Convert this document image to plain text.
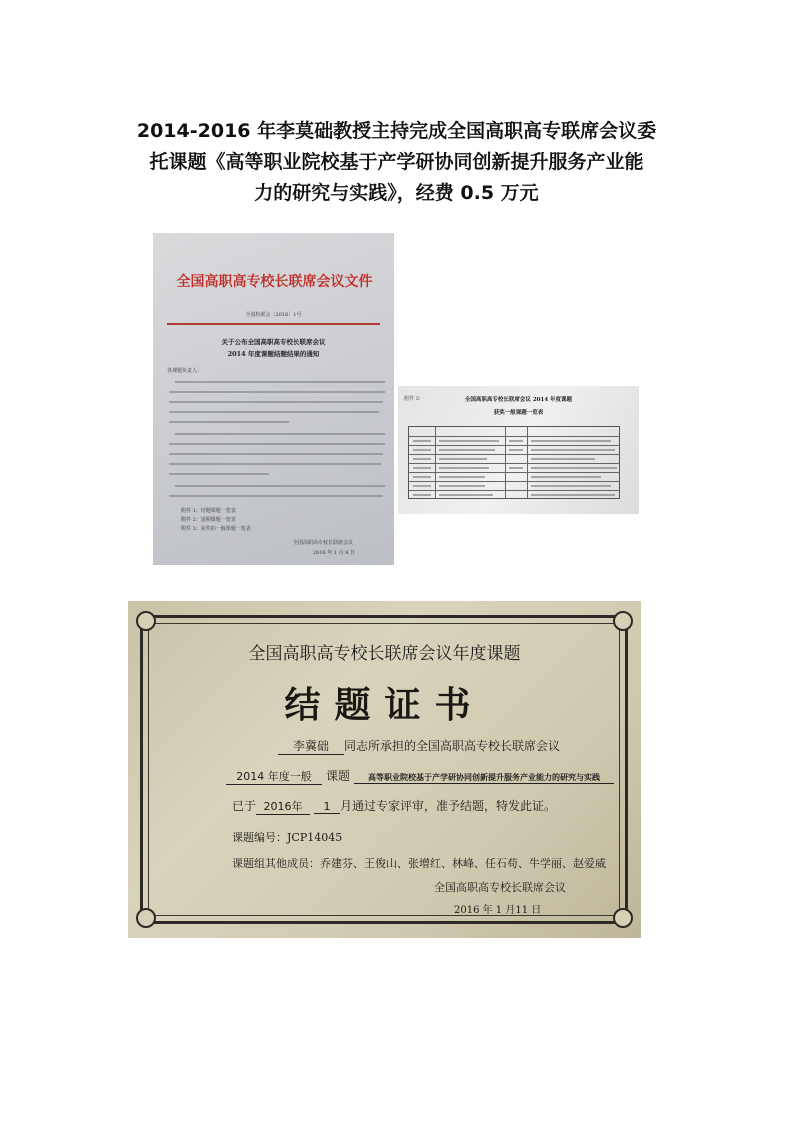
2014-2016 年李莫础教授主持完成全国高职高专联席会议委
托课题《高等职业院校基于产学研协同创新提升服务产业能
力的研究与实践》，经费 0.5 万元
全国高职高专校长联席会议文件
全国校联会〔2016〕1号
关于公布全国高职高专校长联席会议
2014 年度课题结题结果的通知
各课题负责人：
附件 1：结题课题一览表
附件 2：延期课题一览表
附件 3：获奖的一般课题一览表
全国高职高专校长联席会议
2016 年 1 月 8 日
附件 3：	全国高职高专校长联席会议 2014 年度课题
获奖一般课题一览表
全国高职高专校长联席会议年度课题
结题证书
李冀础 同志所承担的全国高职高专校长联席会议
2014 年度一般 课题 高等职业院校基于产学研协同创新提升服务产业能力的研究与实践
已于 2016年 1 月通过专家评审，准予结题，特发此证。
课题编号：JCP14045
课题组其他成员：乔建芬、王俊山、张增红、林峰、任石苟、牛学丽、赵爱威
全国高职高专校长联席会议
2016 年 1 月11 日
